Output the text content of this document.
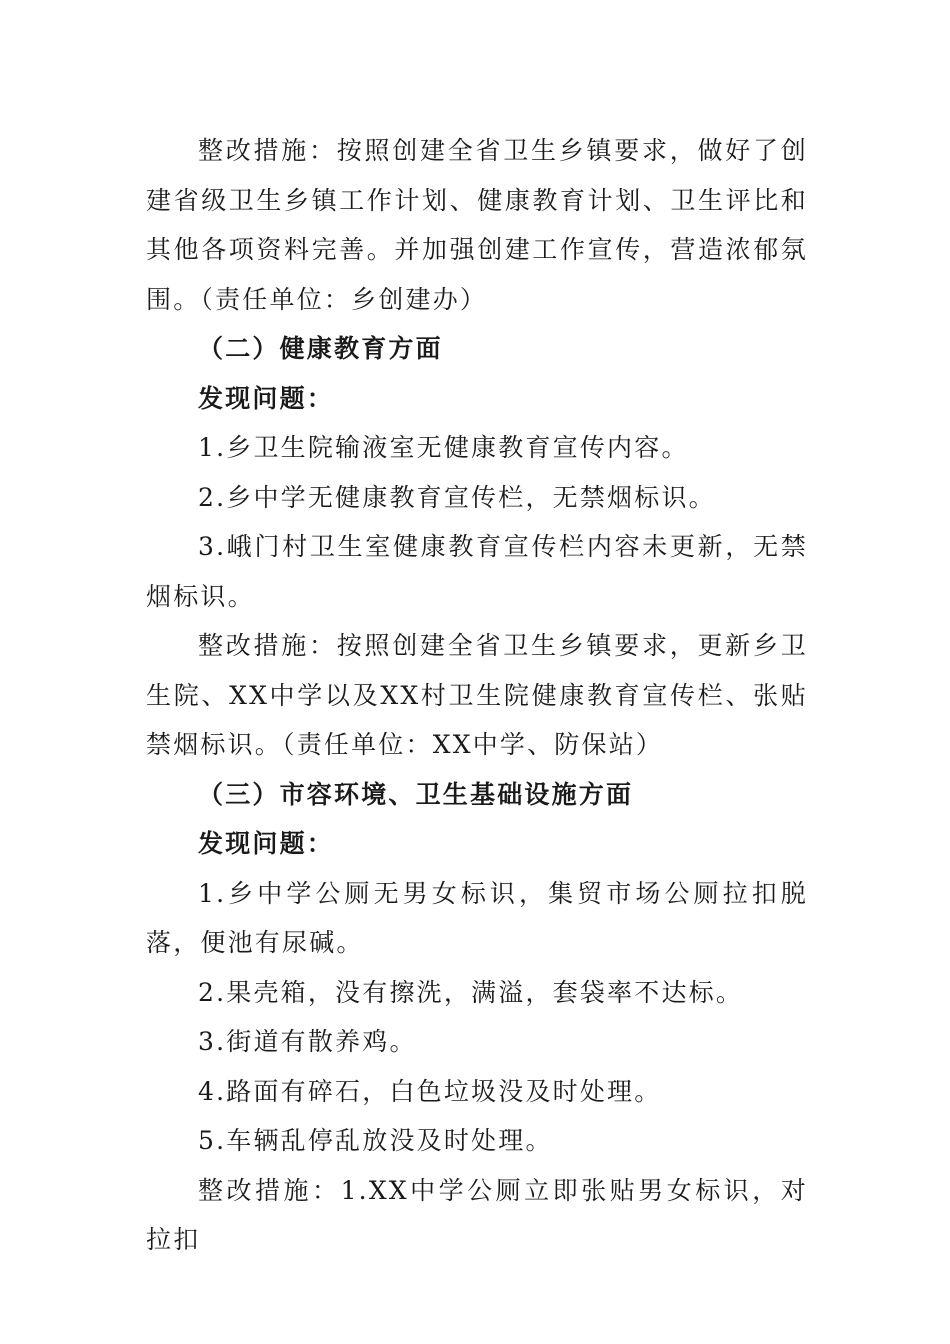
整改措施：按照创建全省卫生乡镇要求，做好了创建省级卫生乡镇工作计划、健康教育计划、卫生评比和其他各项资料完善。并加强创建工作宣传，营造浓郁氛围。（责任单位：乡创建办）

（二）健康教育方面

发现问题：

1.乡卫生院输液室无健康教育宣传内容。

2.乡中学无健康教育宣传栏，无禁烟标识。

3.峨门村卫生室健康教育宣传栏内容未更新，无禁烟标识。

整改措施：按照创建全省卫生乡镇要求，更新乡卫生院、XX中学以及XX村卫生院健康教育宣传栏、张贴禁烟标识。（责任单位：XX中学、防保站）

（三）市容环境、卫生基础设施方面

发现问题：

1.乡中学公厕无男女标识，集贸市场公厕拉扣脱落，便池有尿碱。

2.果壳箱，没有擦洗，满溢，套袋率不达标。

3.街道有散养鸡。

4.路面有碎石，白色垃圾没及时处理。

5.车辆乱停乱放没及时处理。

整改措施：1.XX中学公厕立即张贴男女标识，对拉扣
